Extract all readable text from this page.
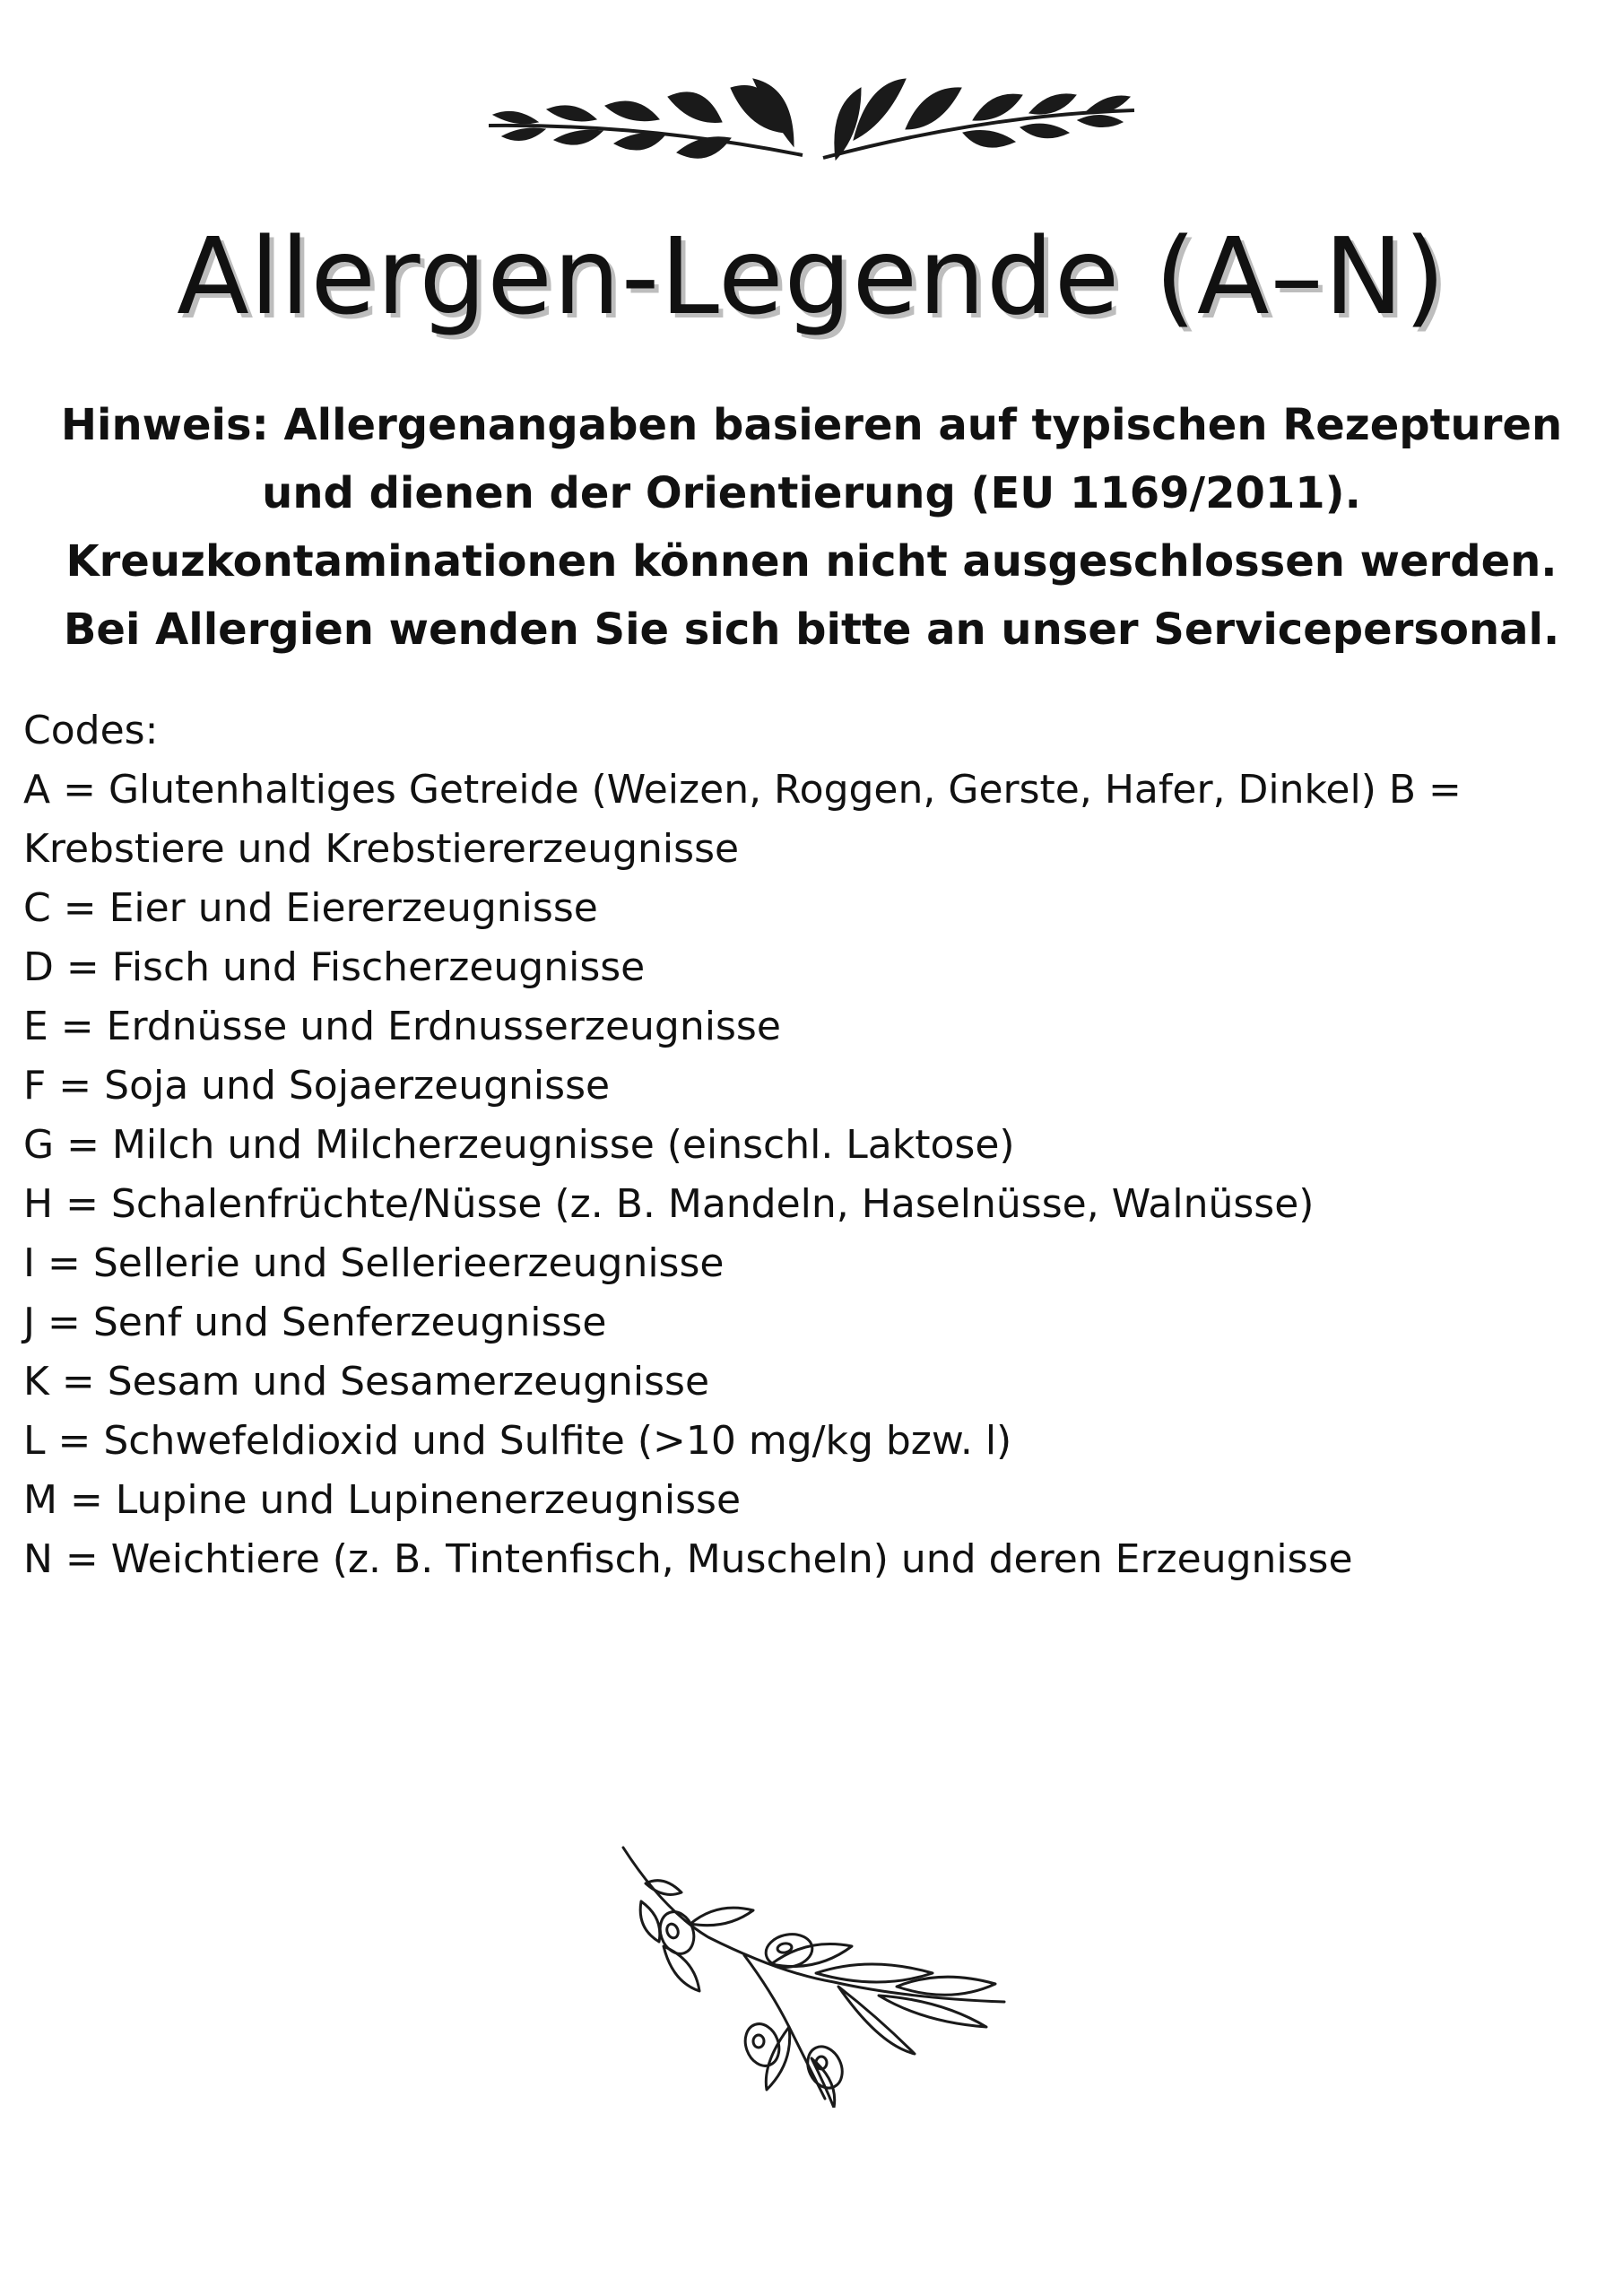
Allergen-Legende (A–N)

Hinweis: Allergenangaben basieren auf typischen Rezepturen und dienen der Orientierung (EU 1169/2011). Kreuzkontaminationen können nicht ausgeschlossen werden. Bei Allergien wenden Sie sich bitte an unser Servicepersonal.

Codes:
A = Glutenhaltiges Getreide (Weizen, Roggen, Gerste, Hafer, Dinkel) B = Krebstiere und Krebstiererzeugnisse
C = Eier und Eiererzeugnisse
D = Fisch und Fischerzeugnisse
E = Erdnüsse und Erdnusserzeugnisse
F = Soja und Sojaerzeugnisse
G = Milch und Milcherzeugnisse (einschl. Laktose)
H = Schalenfrüchte/Nüsse (z. B. Mandeln, Haselnüsse, Walnüsse)
I = Sellerie und Sellerieerzeugnisse
J = Senf und Senferzeugnisse
K = Sesam und Sesamerzeugnisse
L = Schwefeldioxid und Sulfite (>10 mg/kg bzw. l)
M = Lupine und Lupinenerzeugnisse
N = Weichtiere (z. B. Tintenfisch, Muscheln) und deren Erzeugnisse
